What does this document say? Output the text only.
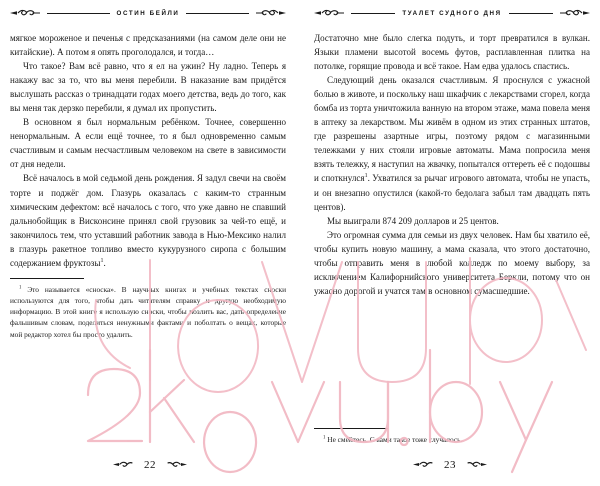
ОСТИН БЕЙЛИ

мягкое мороженое и печенья с предсказаниями (на самом деле они не китайские). А потом я опять проголодался, и тогда…

Что такое? Вам всё равно, что я ел на ужин? Ну ладно. Теперь я накажу вас за то, что вы меня перебили. В наказание вам придётся выслушать рассказ о тринадцати годах моего детства, ведь до того, как вы меня так дерзко перебили, я думал их пропустить.

В основном я был нормальным ребёнком. Точнее, совершенно ненормальным. А если ещё точнее, то я был одновременно самым счастливым и самым несчастливым человеком на свете в зависимости от дня недели.

Всё началось в мой седьмой день рождения. Я задул свечи на своём торте и поджёг дом. Глазурь оказалась с каким-то странным химическим дефектом: всё началось с того, что уже давно не спавший дальнобойщик в Висконсине принял свой грузовик за чей-то ещё, и закончилось тем, что уставший работник завода в Нью-Мексико налил в глазурь ракетное топливо вместо кукурузного сиропа с большим содержанием фруктозы$^1$.

$^1$ Это называется «сноска». В научных книгах и учебных текстах сноски используются для того, чтобы дать читателям справку и другую необходимую информацию. В этой книге я использую сноски, чтобы позлить вас, дать определение фальшивым словам, поделиться ненужными фактами и поболтать о вещах, которые мой редактор хотел бы просто удалить.

22
ТУАЛЕТ СУДНОГО ДНЯ

Достаточно мне было слегка подуть, и торт превратился в вулкан. Языки пламени высотой восемь футов, расплавленная плитка на потолке, горящие провода и всё такое. Нам едва удалось спастись.

Следующий день оказался счастливым. Я проснулся с ужасной болью в животе, и поскольку наш шкафчик с лекарствами сгорел, когда бомба из торта уничтожила ванную на втором этаже, мама повела меня в аптеку за лекарством. Мы живём в одном из этих странных штатов, где разрешены азартные игры, поэтому рядом с магазинными тележками у них стояли игровые автоматы. Мама попросила меня взять тележку, я наступил на жвачку, попытался оттереть её с подошвы и споткнулся$^1$. Ухватился за рычаг игрового автомата, чтобы не упасть, и он внезапно опустился (какой-то бедолага забыл там двадцать пять центов).

Мы выиграли 874 209 долларов и 25 центов.

Это огромная сумма для семьи из двух человек. Нам бы хватило её, чтобы купить новую машину, а мама сказала, что этого достаточно, чтобы отправить меня в любой колледж по моему выбору, за исключением Калифорнийского университета Беркли, потому что он ужасно дорогой и учатся там в основном сумасшедшие.

$^1$ Не смейтесь. С вами такое тоже случалось.

23
